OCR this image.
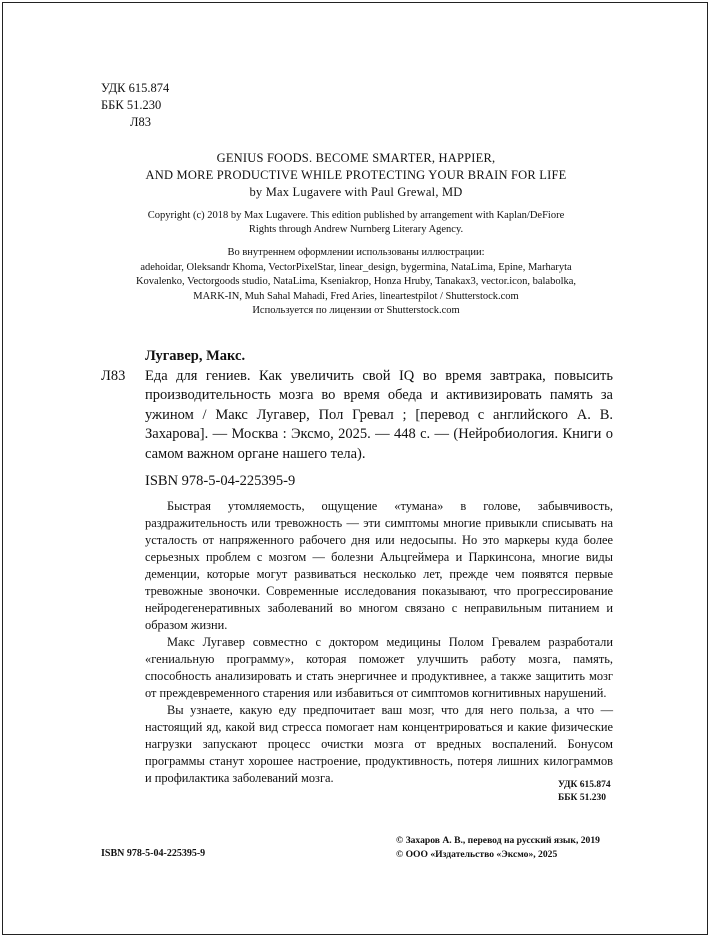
УДК 615.874
ББК 51.230
Л83
GENIUS FOODS. BECOME SMARTER, HAPPIER,
AND MORE PRODUCTIVE WHILE PROTECTING YOUR BRAIN FOR LIFE
by Max Lugavere with Paul Grewal, MD
Copyright (c) 2018 by Max Lugavere. This edition published by arrangement with Kaplan/DeFiore
Rights through Andrew Nurnberg Literary Agency.
Во внутреннем оформлении использованы иллюстрации:
adehoidar, Oleksandr Khoma, VectorPixelStar, linear_design, bygermina, NataLima, Epine, Marharyta
Kovalenko, Vectorgoods studio, NataLima, Kseniakrop, Honza Hruby, Tanakax3, vector.icon, balabolka,
MARK-IN, Muh Sahal Mahadi, Fred Aries, lineartestpilot / Shutterstock.com
Используется по лицензии от Shutterstock.com
Лугавер, Макс.
Л83	Еда для гениев. Как увеличить свой IQ во время завтрака, повысить производительность мозга во время обеда и активизировать память за ужином / Макс Лугавер, Пол Гревал ; [перевод с английского А. В. Захарова]. — Москва : Эксмо, 2025. — 448 с. — (Нейробиология. Книги о самом важном органе нашего тела).
ISBN 978-5-04-225395-9

Быстрая утомляемость, ощущение «тумана» в голове, забывчивость, раздражительность или тревожность — эти симптомы многие привыкли списывать на усталость от напряженного рабочего дня или недосыпы. Но это маркеры куда более серьезных проблем с мозгом — болезни Альцгеймера и Паркинсона, многие виды деменции, которые могут развиваться несколько лет, прежде чем появятся первые тревожные звоночки. Современные исследования показывают, что прогрессирование нейродегенеративных заболеваний во многом связано с неправильным питанием и образом жизни.

Макс Лугавер совместно с доктором медицины Полом Гревалем разработали «гениальную программу», которая поможет улучшить работу мозга, память, способность анализировать и стать энергичнее и продуктивнее, а также защитить мозг от преждевременного старения или избавиться от симптомов когнитивных нарушений.

Вы узнаете, какую еду предпочитает ваш мозг, что для него польза, а что — настоящий яд, какой вид стресса помогает нам концентрироваться и какие физические нагрузки запускают процесс очистки мозга от вредных воспалений. Бонусом программы станут хорошее настроение, продуктивность, потеря лишних килограммов и профилактика заболеваний мозга.	УДК 615.874
ББК 51.230
ISBN 978-5-04-225395-9
© Захаров А. В., перевод на русский язык, 2019
© ООО «Издательство «Эксмо», 2025
